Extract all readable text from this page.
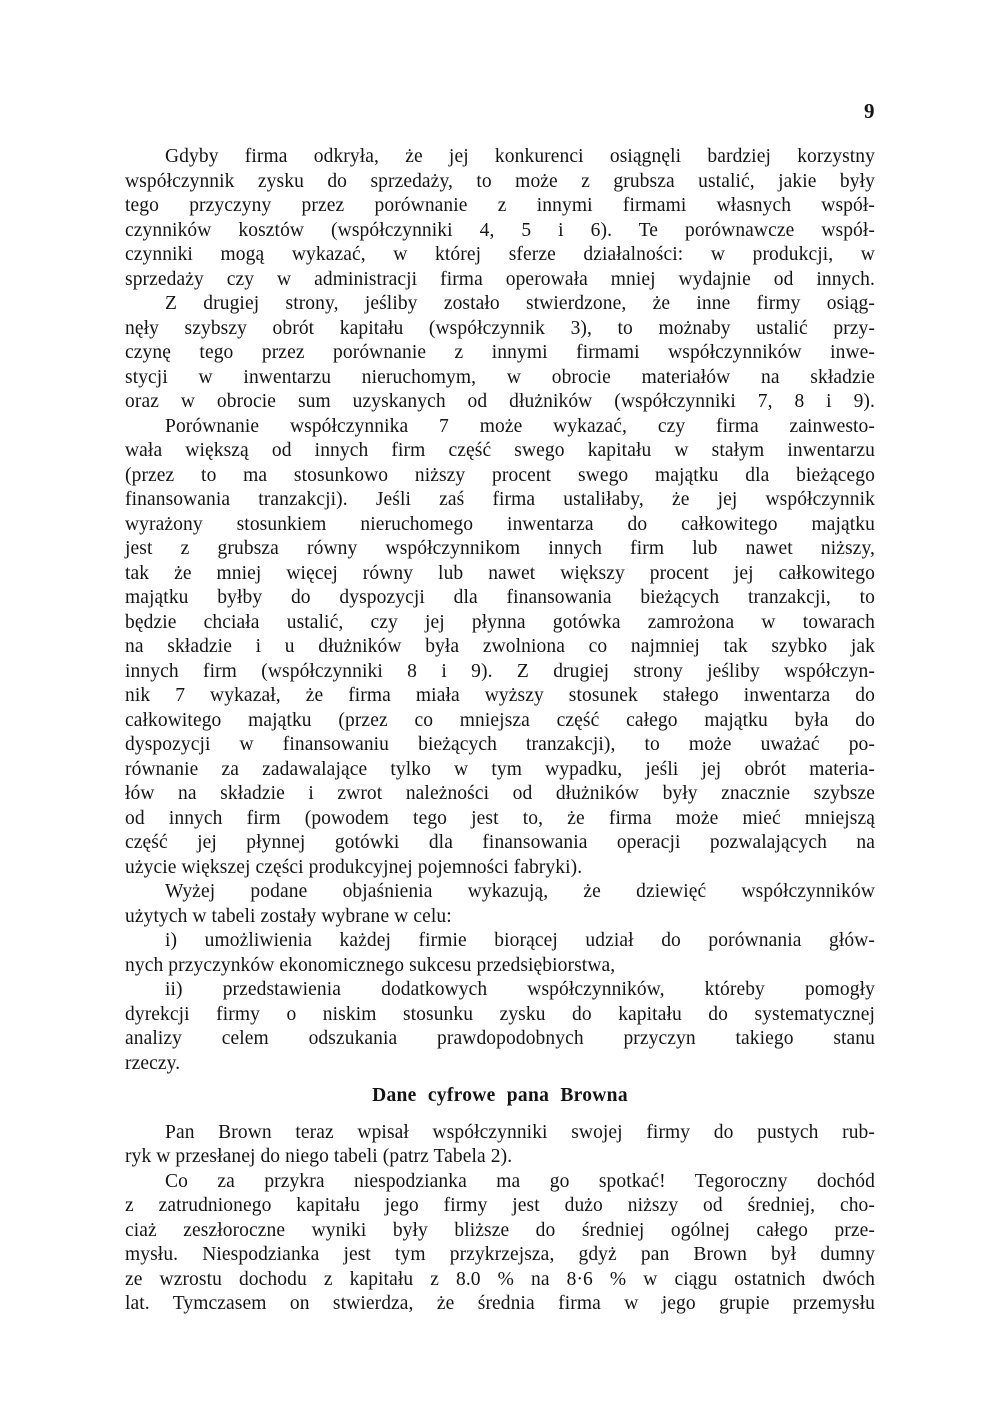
9

Gdyby firma odkryła, że jej konkurenci osiągnęli bardziej korzystny
współczynnik zysku do sprzedaży, to może z grubsza ustalić, jakie były
tego przyczyny przez porównanie z innymi firmami własnych współ-
czynników kosztów (współczynniki 4, 5 i 6). Te porównawcze współ-
czynniki mogą wykazać, w której sferze działalności: w produkcji, w
sprzedaży czy w administracji firma operowała mniej wydajnie od innych.

Z drugiej strony, jeśliby zostało stwierdzone, że inne firmy osiąg-
nęły szybszy obrót kapitału (współczynnik 3), to możnaby ustalić przy-
czynę tego przez porównanie z innymi firmami współczynników inwe-
stycji w inwentarzu nieruchomym, w obrocie materiałów na składzie
oraz w obrocie sum uzyskanych od dłużników (współczynniki 7, 8 i 9).

Porównanie współczynnika 7 może wykazać, czy firma zainwesto-
wała większą od innych firm część swego kapitału w stałym inwentarzu
(przez to ma stosunkowo niższy procent swego majątku dla bieżącego
finansowania tranzakcji). Jeśli zaś firma ustaliłaby, że jej współczynnik
wyrażony stosunkiem nieruchomego inwentarza do całkowitego majątku
jest z grubsza równy współczynnikom innych firm lub nawet niższy,
tak że mniej więcej równy lub nawet większy procent jej całkowitego
majątku byłby do dyspozycji dla finansowania bieżących tranzakcji, to
będzie chciała ustalić, czy jej płynna gotówka zamrożona w towarach
na składzie i u dłużników była zwolniona co najmniej tak szybko jak
innych firm (współczynniki 8 i 9). Z drugiej strony jeśliby współczyn-
nik 7 wykazał, że firma miała wyższy stosunek stałego inwentarza do
całkowitego majątku (przez co mniejsza część całego majątku była do
dyspozycji w finansowaniu bieżących tranzakcji), to może uważać po-
równanie za zadawalające tylko w tym wypadku, jeśli jej obrót materia-
łów na składzie i zwrot należności od dłużników były znacznie szybsze
od innych firm (powodem tego jest to, że firma może mieć mniejszą
część jej płynnej gotówki dla finansowania operacji pozwalających na
użycie większej części produkcyjnej pojemności fabryki).

Wyżej podane objaśnienia wykazują, że dziewięć współczynników
użytych w tabeli zostały wybrane w celu:

i) umożliwienia każdej firmie biorącej udział do porównania głów-
nych przyczynków ekonomicznego sukcesu przedsiębiorstwa,

ii) przedstawienia dodatkowych współczynników, któreby pomogły
dyrekcji firmy o niskim stosunku zysku do kapitału do systematycznej
analizy celem odszukania prawdopodobnych przyczyn takiego stanu
rzeczy.

Dane cyfrowe pana Browna

Pan Brown teraz wpisał współczynniki swojej firmy do pustych rub-
ryk w przesłanej do niego tabeli (patrz Tabela 2).

Co za przykra niespodzianka ma go spotkać! Tegoroczny dochód
z zatrudnionego kapitału jego firmy jest dużo niższy od średniej, cho-
ciaż zeszłoroczne wyniki były bliższe do średniej ogólnej całego prze-
mysłu. Niespodzianka jest tym przykrzejsza, gdyż pan Brown był dumny
ze wzrostu dochodu z kapitału z 8.0 % na 8·6 % w ciągu ostatnich dwóch
lat. Tymczasem on stwierdza, że średnia firma w jego grupie przemysłu
